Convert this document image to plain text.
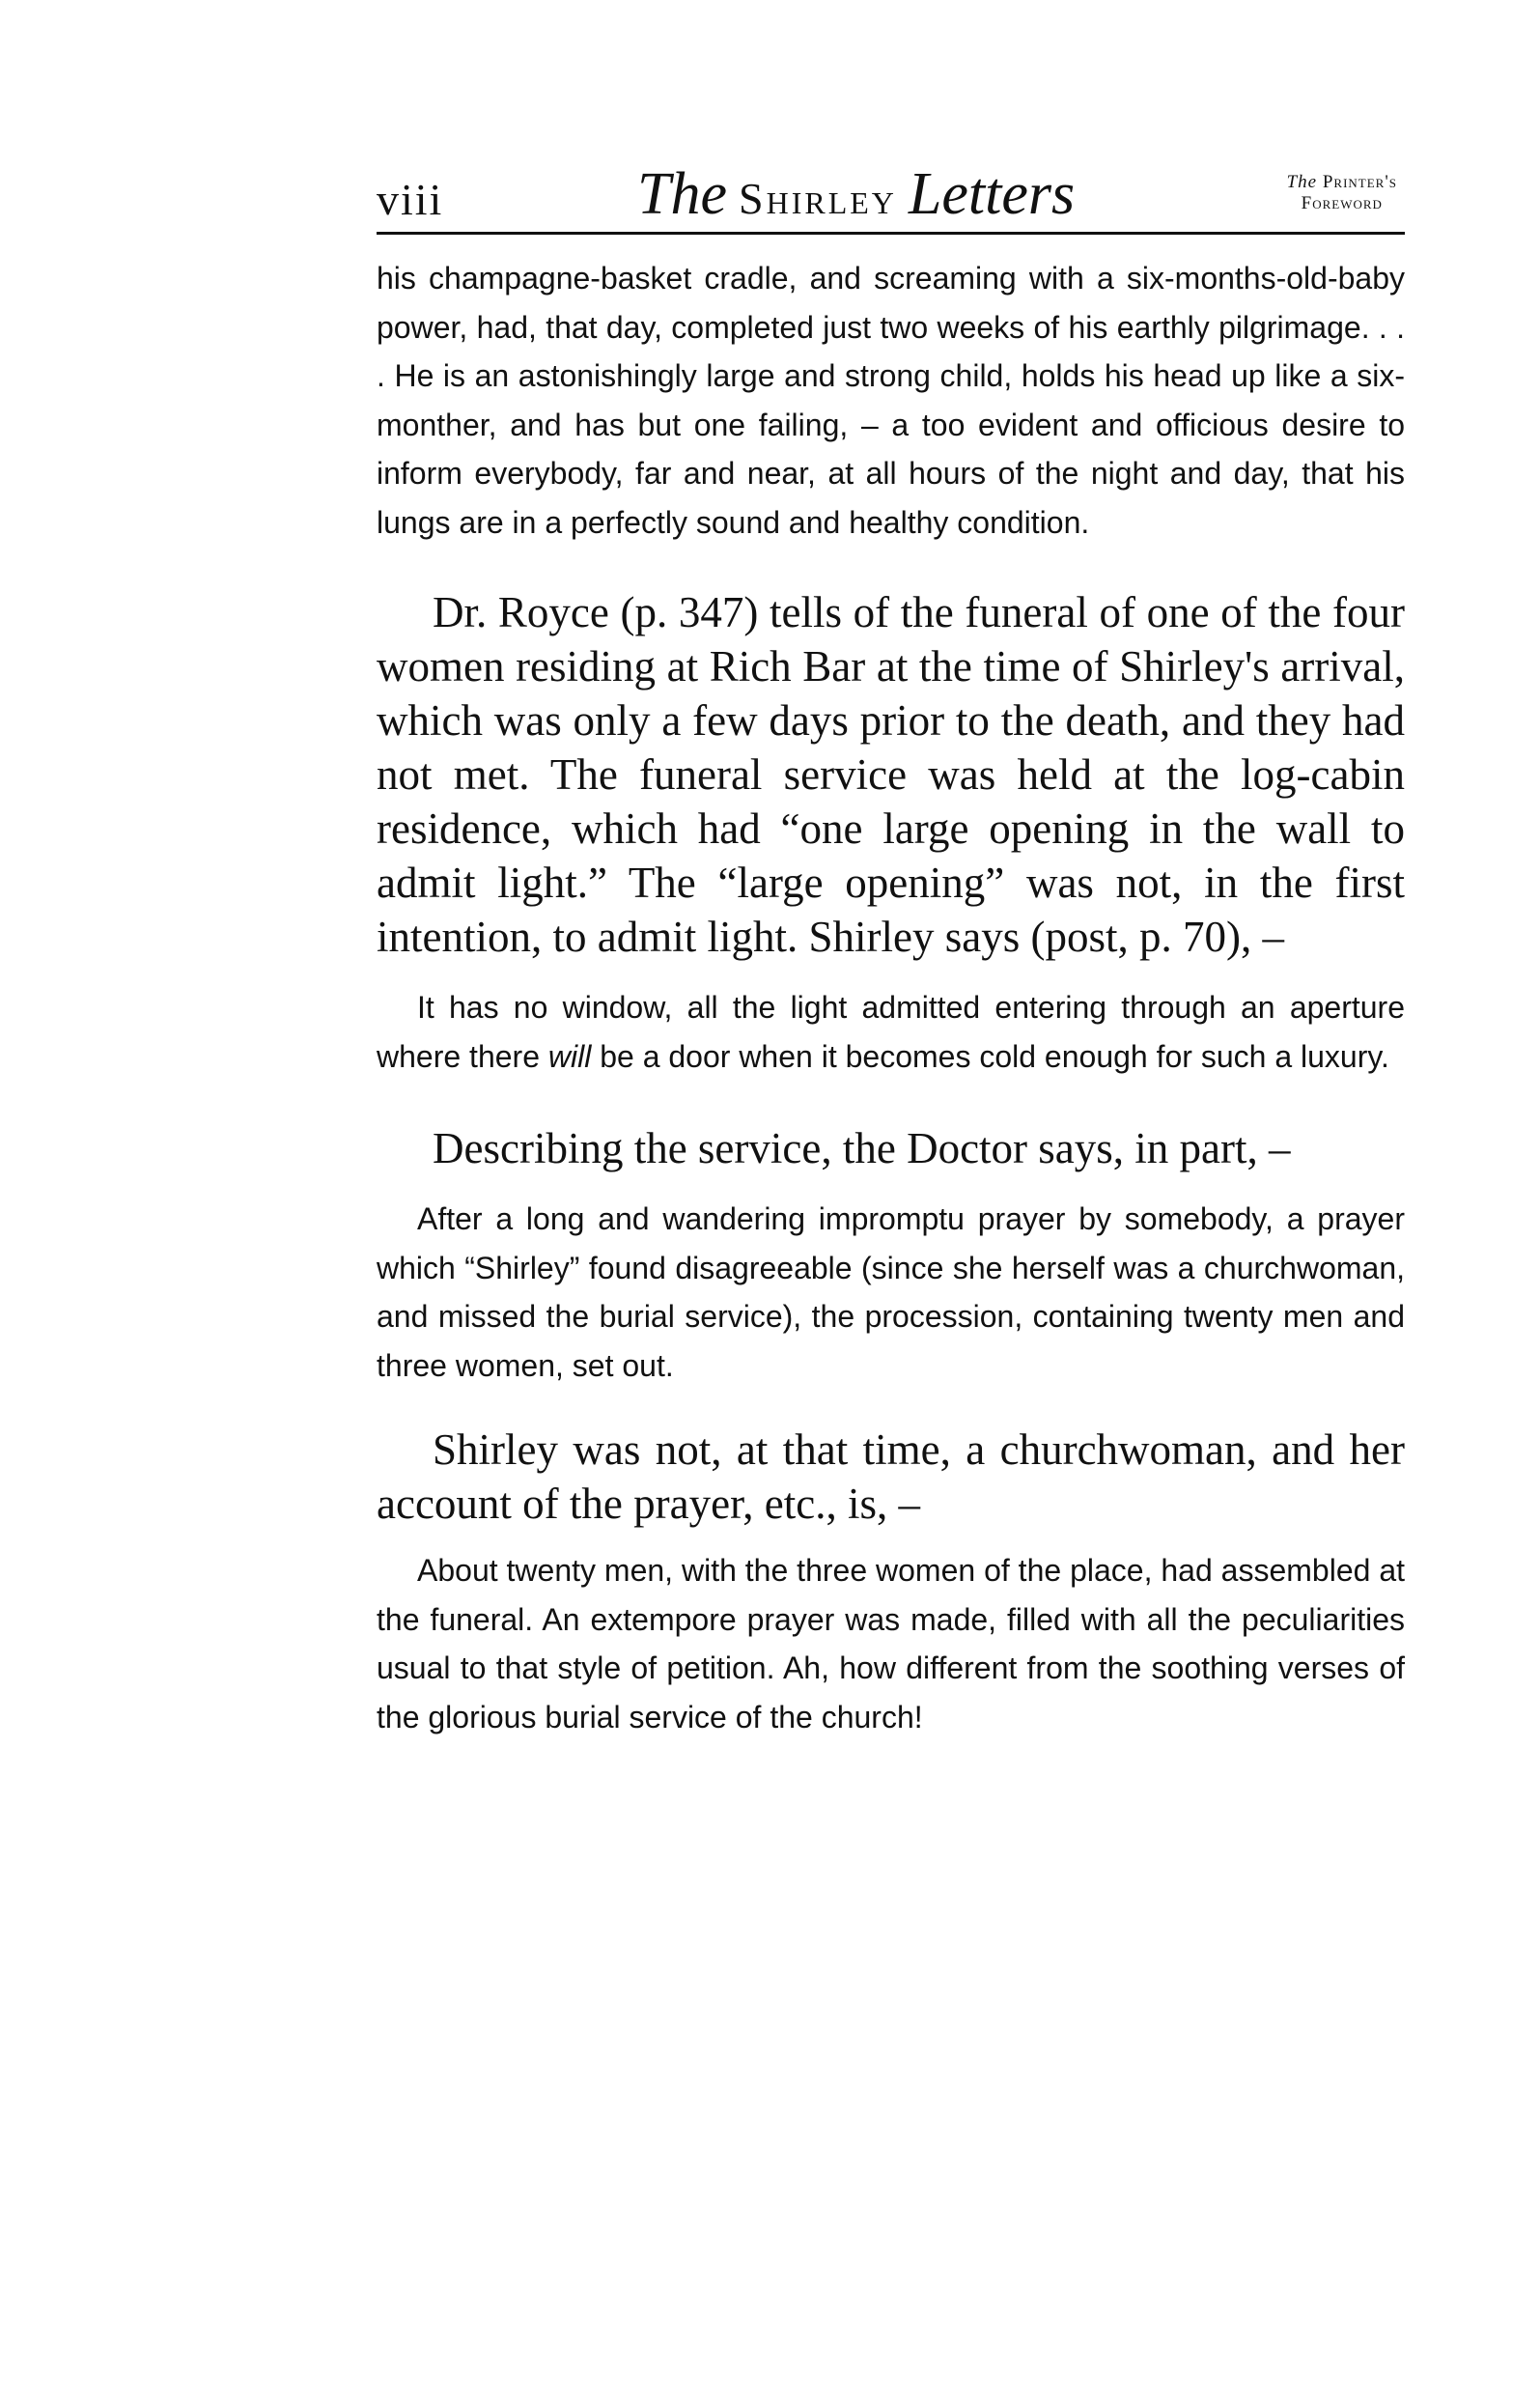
viii	The Shirley Letters	The Printer's
Foreword

his champagne-basket cradle, and screaming with a six-months-old-baby power, had, that day, completed just two weeks of his earthly pilgrimage. . . . He is an astonishingly large and strong child, holds his head up like a six-monther, and has but one failing, – a too evident and officious desire to inform everybody, far and near, at all hours of the night and day, that his lungs are in a perfectly sound and healthy condition.

Dr. Royce (p. 347) tells of the funeral of one of the four women residing at Rich Bar at the time of Shirley's arrival, which was only a few days prior to the death, and they had not met. The funeral service was held at the log-cabin residence, which had “one large opening in the wall to admit light.” The “large opening” was not, in the first intention, to admit light. Shirley says (post, p. 70), –

It has no window, all the light admitted entering through an aperture where there will be a door when it becomes cold enough for such a luxury.

Describing the service, the Doctor says, in part, –

After a long and wandering impromptu prayer by somebody, a prayer which “Shirley” found disagreeable (since she herself was a churchwoman, and missed the burial service), the procession, containing twenty men and three women, set out.

Shirley was not, at that time, a churchwoman, and her account of the prayer, etc., is, –

About twenty men, with the three women of the place, had assembled at the funeral. An extempore prayer was made, filled with all the peculiarities usual to that style of petition. Ah, how different from the soothing verses of the glorious burial service of the church!
